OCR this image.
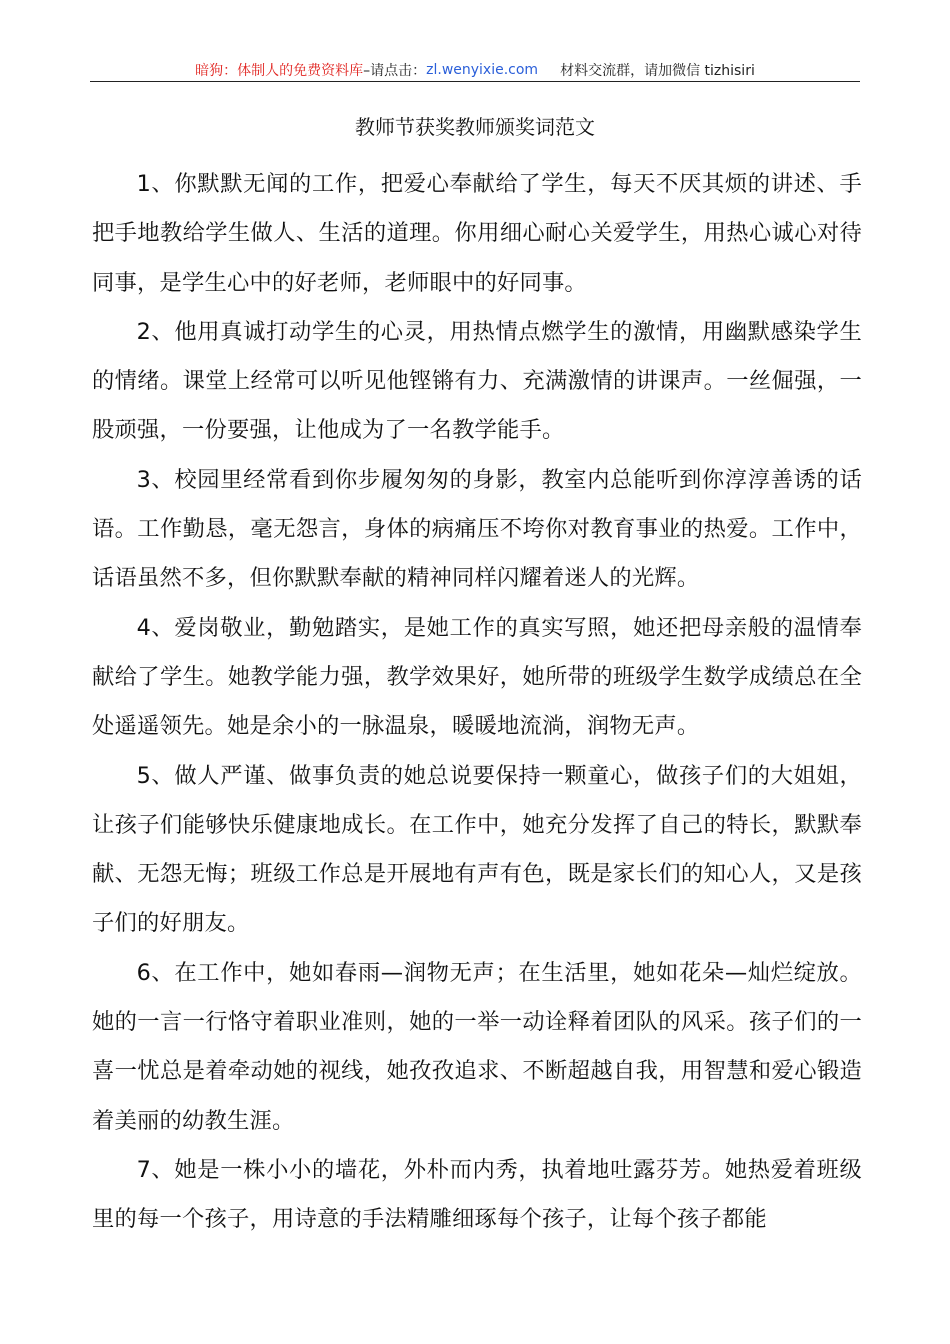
暗狗：体制人的免费资料库 –请点击： zl.wenyixie.com 材料交流群，请加微信 tizhisiri
教师节获奖教师颁奖词范文

1、你默默无闻的工作，把爱心奉献给了学生，每天不厌其烦的讲述、手把手地教给学生做人、生活的道理。你用细心耐心关爱学生，用热心诚心对待同事，是学生心中的好老师，老师眼中的好同事。

2、他用真诚打动学生的心灵，用热情点燃学生的激情，用幽默感染学生的情绪。课堂上经常可以听见他铿锵有力、充满激情的讲课声。一丝倔强，一股顽强，一份要强，让他成为了一名教学能手。

3、校园里经常看到你步履匆匆的身影，教室内总能听到你淳淳善诱的话语。工作勤恳，毫无怨言，身体的病痛压不垮你对教育事业的热爱。工作中，话语虽然不多，但你默默奉献的精神同样闪耀着迷人的光辉。

4、爱岗敬业，勤勉踏实，是她工作的真实写照，她还把母亲般的温情奉献给了学生。她教学能力强，教学效果好，她所带的班级学生数学成绩总在全处遥遥领先。她是余小的一脉温泉，暖暖地流淌，润物无声。

5、做人严谨、做事负责的她总说要保持一颗童心，做孩子们的大姐姐，让孩子们能够快乐健康地成长。在工作中，她充分发挥了自己的特长，默默奉献、无怨无悔；班级工作总是开展地有声有色，既是家长们的知心人，又是孩子们的好朋友。

6、在工作中，她如春雨—润物无声；在生活里，她如花朵—灿烂绽放。她的一言一行恪守着职业准则，她的一举一动诠释着团队的风采。孩子们的一喜一忧总是着牵动她的视线，她孜孜追求、不断超越自我，用智慧和爱心锻造着美丽的幼教生涯。

7、她是一株小小的墙花，外朴而内秀，执着地吐露芬芳。她热爱着班级里的每一个孩子，用诗意的手法精雕细琢每个孩子，让每个孩子都能
